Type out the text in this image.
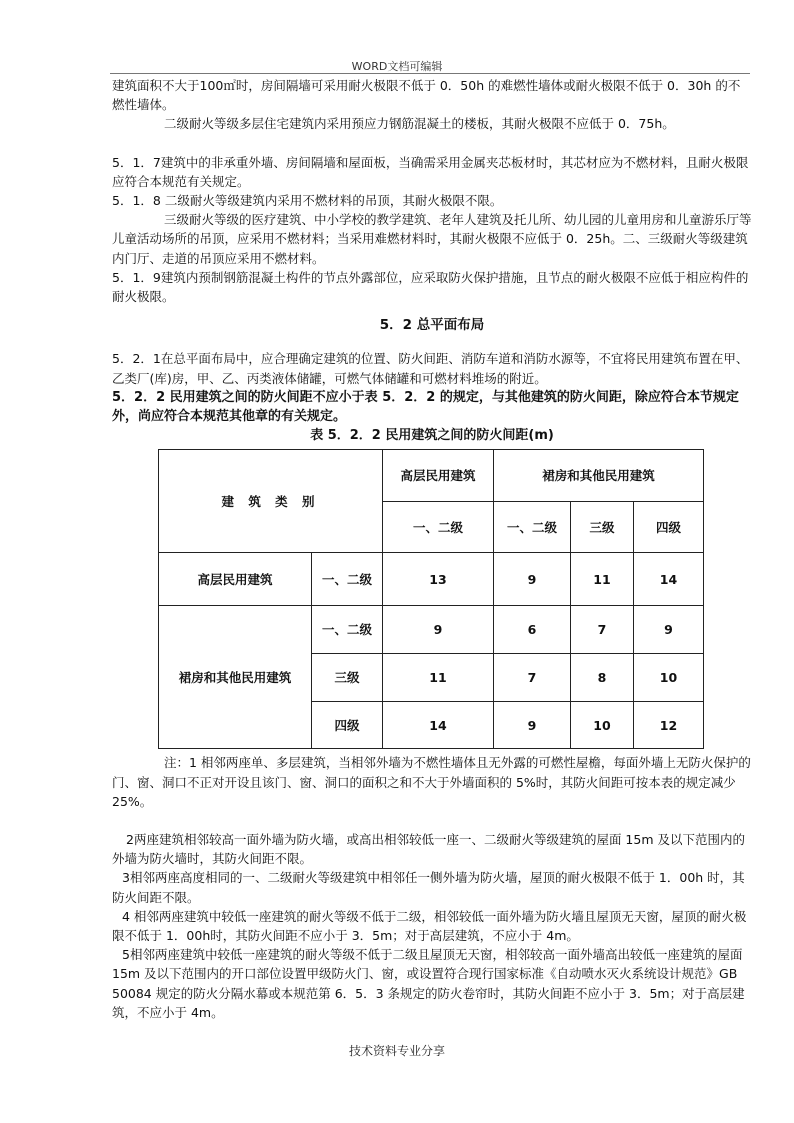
WORD文档可编辑

建筑面积不大于100㎡时，房间隔墙可采用耐火极限不低于 0．50h 的难燃性墙体或耐火极限不低于 0．30h 的不燃性墙体。

二级耐火等级多层住宅建筑内采用预应力钢筋混凝土的楼板，其耐火极限不应低于 0．75h。

5．1．7建筑中的非承重外墙、房间隔墙和屋面板，当确需采用金属夹芯板材时，其芯材应为不燃材料，且耐火极限应符合本规范有关规定。

5．1．8 二级耐火等级建筑内采用不燃材料的吊顶，其耐火极限不限。

三级耐火等级的医疗建筑、中小学校的教学建筑、老年人建筑及托儿所、幼儿园的儿童用房和儿童游乐厅等儿童活动场所的吊顶，应采用不燃材料；当采用难燃材料时，其耐火极限不应低于 0．25h。二、三级耐火等级建筑内门厅、走道的吊顶应采用不燃材料。

5．1．9建筑内预制钢筋混凝土构件的节点外露部位，应采取防火保护措施，且节点的耐火极限不应低于相应构件的耐火极限。

5．2 总平面布局

5．2．1在总平面布局中，应合理确定建筑的位置、防火间距、消防车道和消防水源等，不宜将民用建筑布置在甲、乙类厂(库)房，甲、乙、丙类液体储罐，可燃气体储罐和可燃材料堆场的附近。

5．2．2 民用建筑之间的防火间距不应小于表 5．2．2 的规定，与其他建筑的防火间距，除应符合本节规定外，尚应符合本规范其他章的有关规定。

表 5．2．2 民用建筑之间的防火间距(m)

建 筑 类 别		高层民用建筑	裙房和其他民用建筑		
		一、二级	一、二级	三级	四级
高层民用建筑	一、二级	13	9	11	14
裙房和其他民用建筑	一、二级	9	6	7	9
	三级	11	7	8	10
	四级	14	9	10	12

注：1 相邻两座单、多层建筑，当相邻外墙为不燃性墙体且无外露的可燃性屋檐，每面外墙上无防火保护的门、窗、洞口不正对开设且该门、窗、洞口的面积之和不大于外墙面积的 5%时，其防火间距可按本表的规定减少 25%。

2两座建筑相邻较高一面外墙为防火墙，或高出相邻较低一座一、二级耐火等级建筑的屋面 15m 及以下范围内的外墙为防火墙时，其防火间距不限。

3相邻两座高度相同的一、二级耐火等级建筑中相邻任一侧外墙为防火墙，屋顶的耐火极限不低于 1．00h 时，其防火间距不限。

4 相邻两座建筑中较低一座建筑的耐火等级不低于二级，相邻较低一面外墙为防火墙且屋顶无天窗，屋顶的耐火极限不低于 1．00h时，其防火间距不应小于 3．5m；对于高层建筑，不应小于 4m。

5相邻两座建筑中较低一座建筑的耐火等级不低于二级且屋顶无天窗，相邻较高一面外墙高出较低一座建筑的屋面 15m 及以下范围内的开口部位设置甲级防火门、窗，或设置符合现行国家标准《自动喷水灭火系统设计规范》GB 50084 规定的防火分隔水幕或本规范第 6．5．3 条规定的防火卷帘时，其防火间距不应小于 3．5m；对于高层建筑，不应小于 4m。

技术资料专业分享
